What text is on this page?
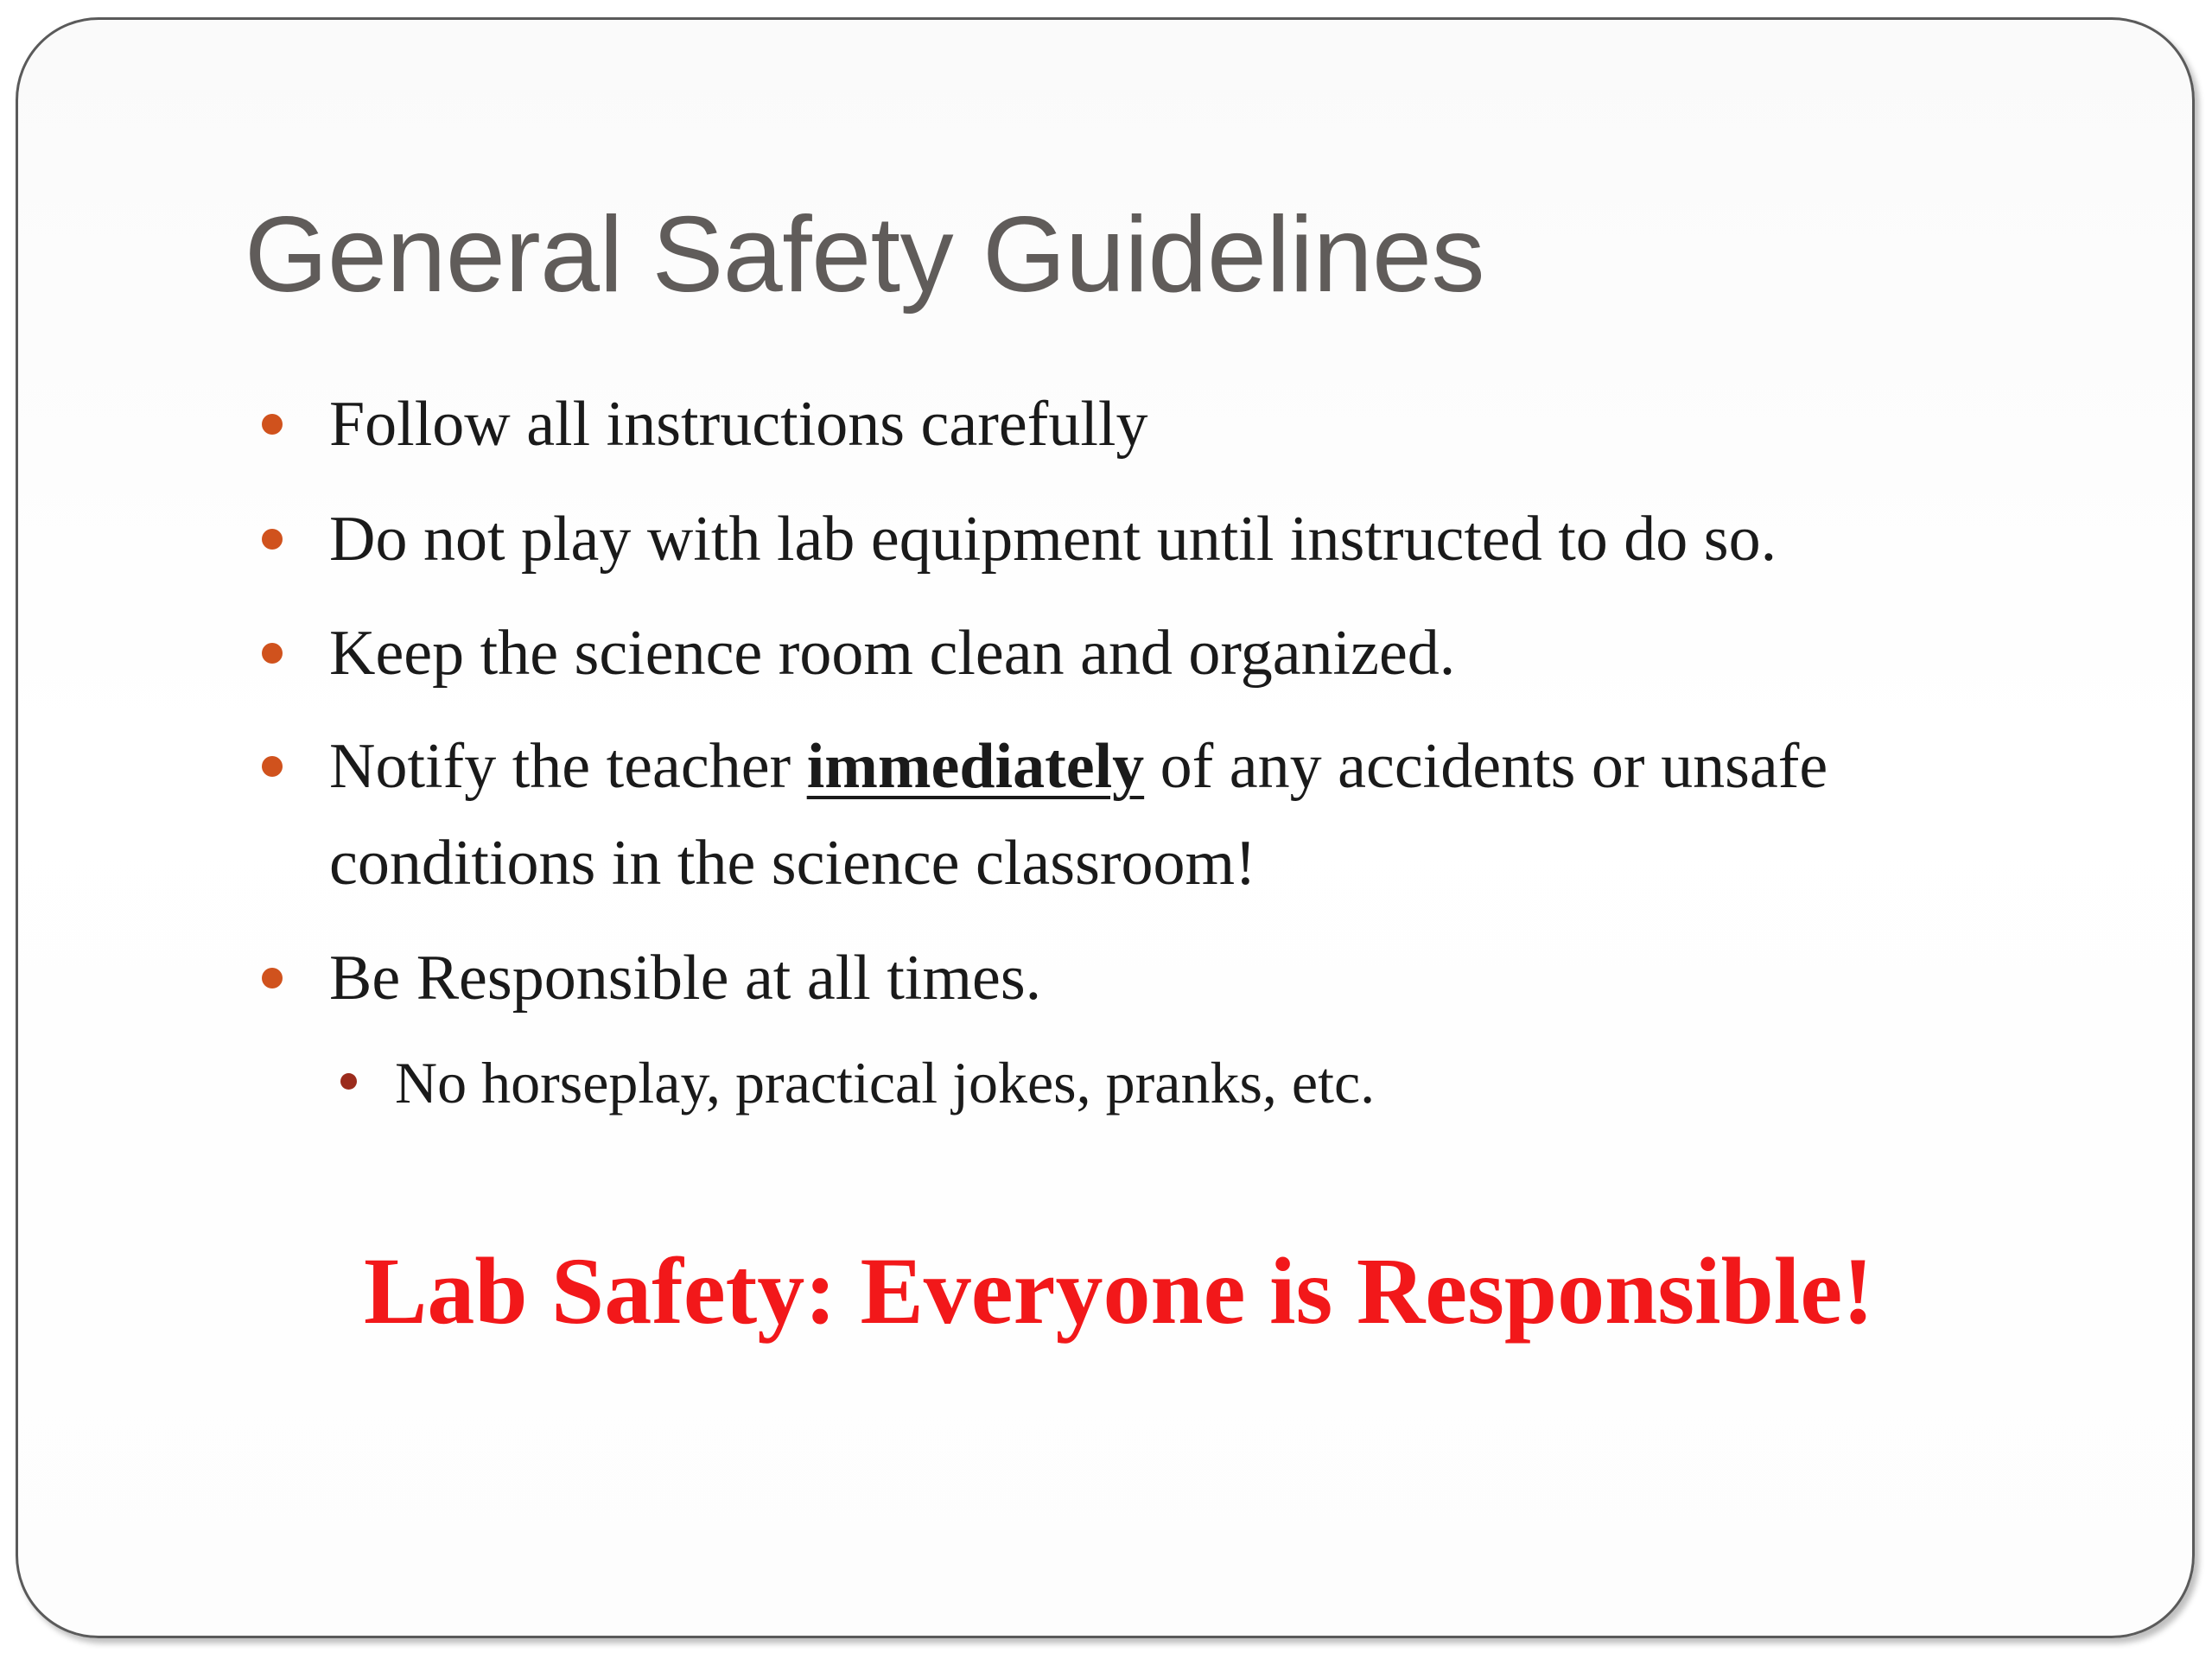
General Safety Guidelines
Follow all instructions carefully
Do not play with lab equipment until instructed to do so.
Keep the science room clean and organized.
Notify the teacher immediately of any accidents or unsafe
conditions in the science classroom!
Be Responsible at all times.
No horseplay, practical jokes, pranks, etc.

Lab Safety: Everyone is Responsible!
